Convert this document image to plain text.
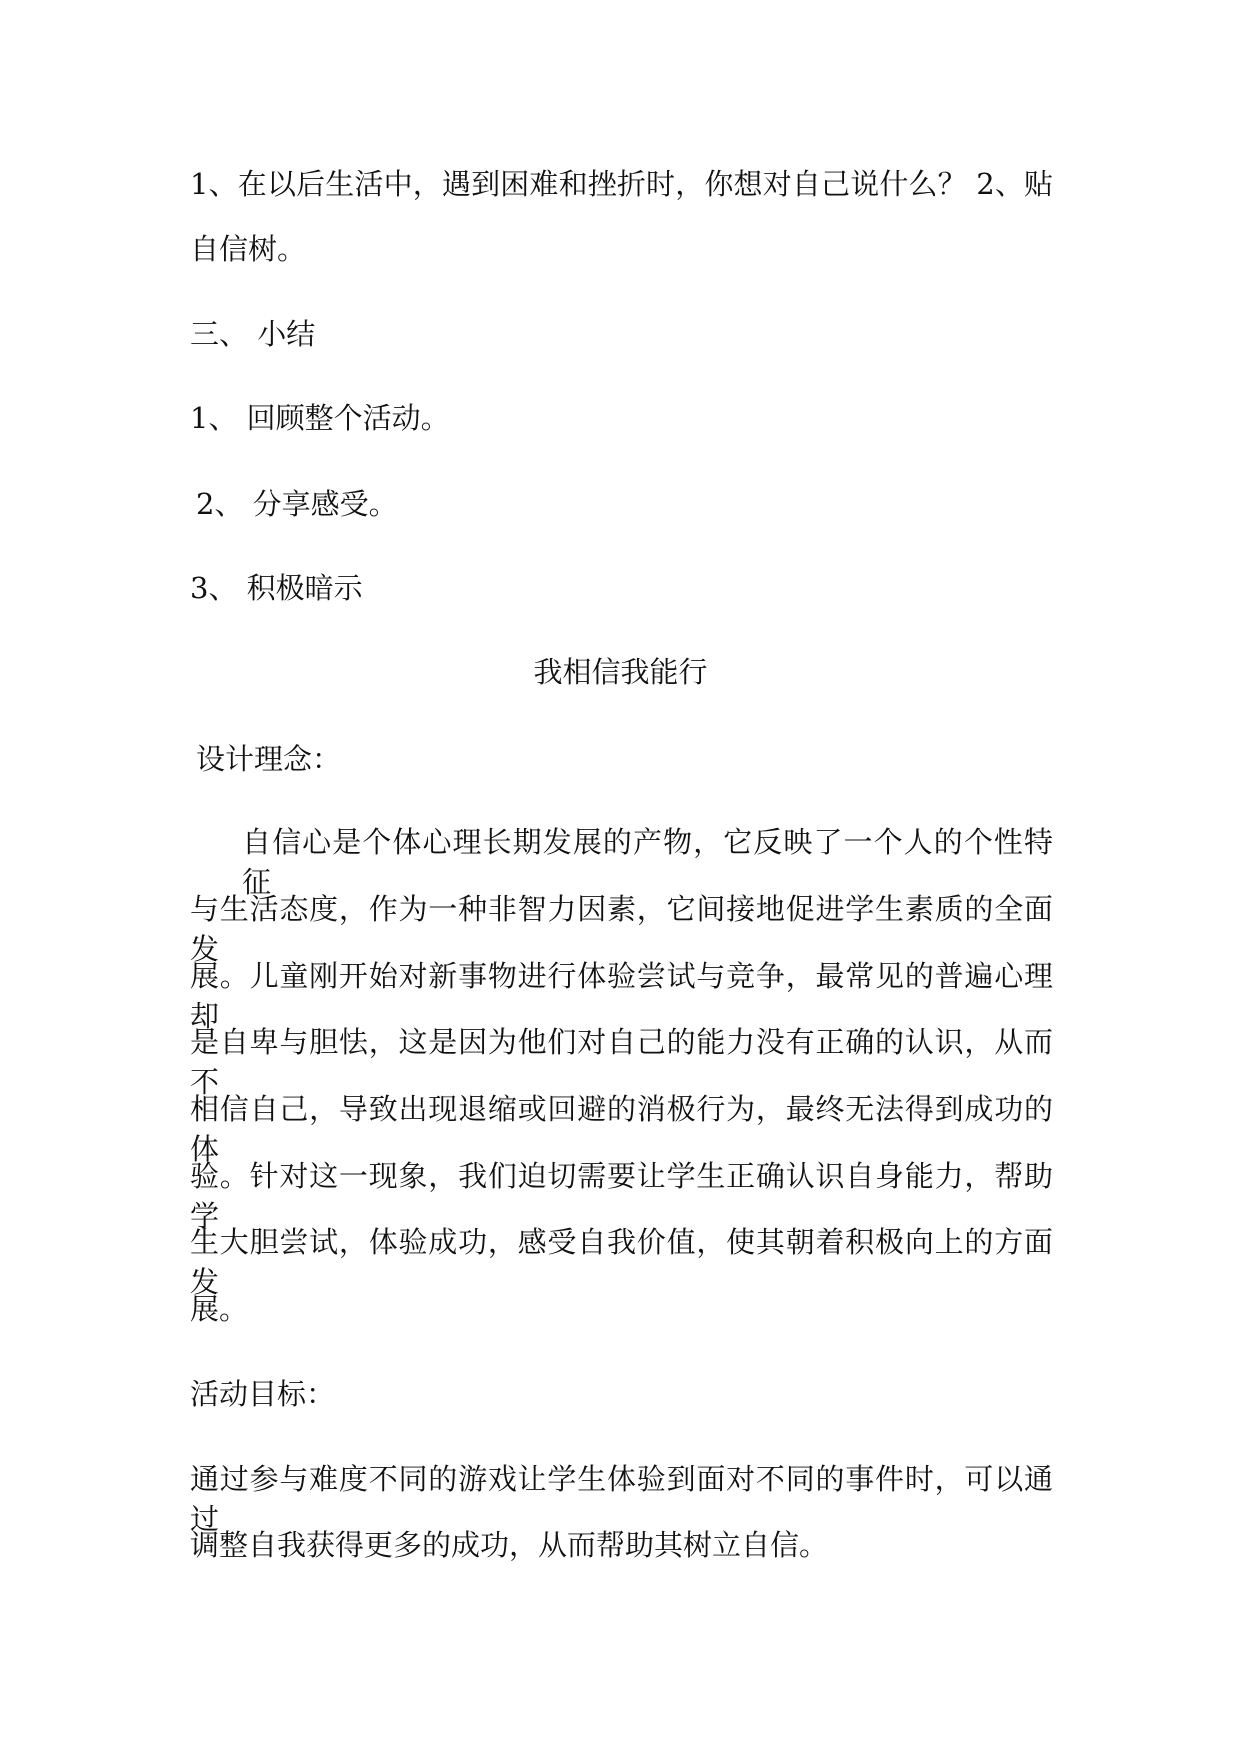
1、在以后生活中，遇到困难和挫折时，你想对自己说什么？ 2、贴
自信树。
三、 小结
1、 回顾整个活动。
2、 分享感受。
3、 积极暗示
我相信我能行
设计理念：
自信心是个体心理长期发展的产物，它反映了一个人的个性特征
与生活态度，作为一种非智力因素，它间接地促进学生素质的全面发
展。儿童刚开始对新事物进行体验尝试与竞争，最常见的普遍心理却
是自卑与胆怯，这是因为他们对自己的能力没有正确的认识，从而不
相信自己，导致出现退缩或回避的消极行为，最终无法得到成功的体
验。针对这一现象，我们迫切需要让学生正确认识自身能力，帮助学
生大胆尝试，体验成功，感受自我价值，使其朝着积极向上的方面发
展。
活动目标：
通过参与难度不同的游戏让学生体验到面对不同的事件时，可以通过
调整自我获得更多的成功，从而帮助其树立自信。
